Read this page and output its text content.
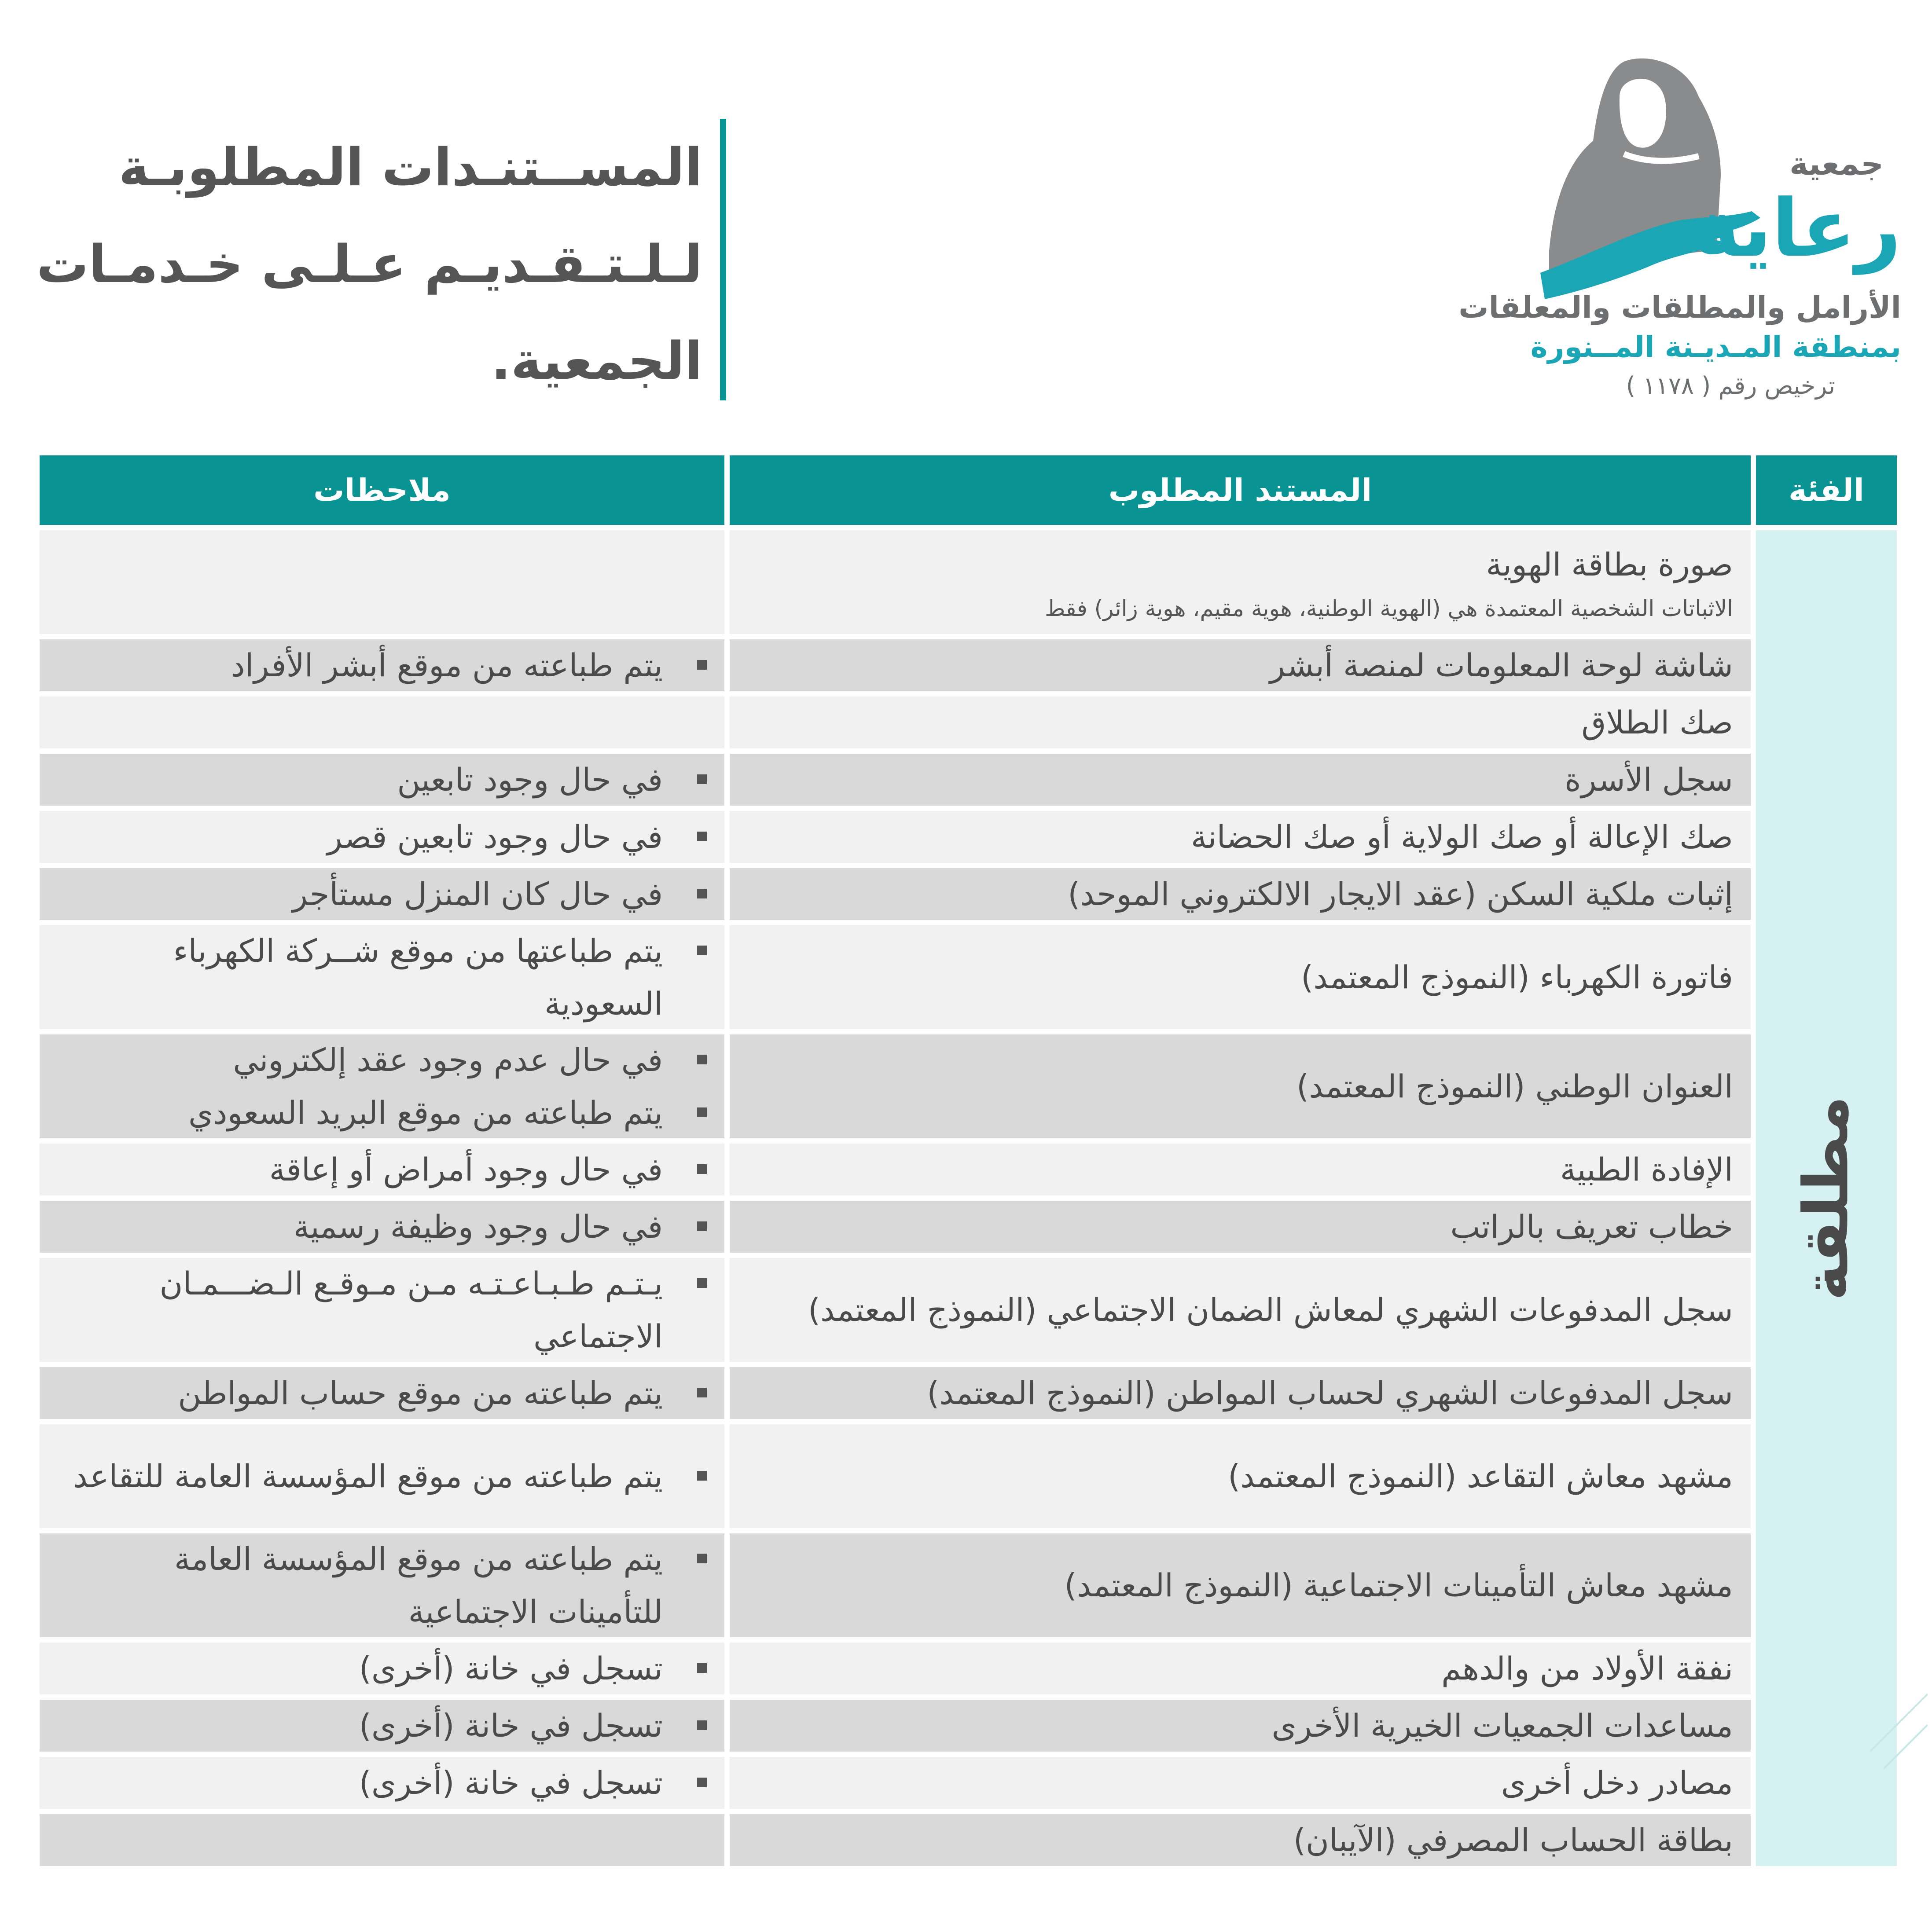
المســتنـدات المطلوبـة
لـلـتـقـديـم عـلـى خـدمـات
الجمعية.
جمعية
رعاية
الأرامل والمطلقات والمعلقات
بمنطقة المـديـنة المــنورة
ترخيص رقم ( ١١٧٨ )
الفئة
المستند المطلوب
ملاحظات
مطلقة
صورة بطاقة الهوية
الاثباتات الشخصية المعتمدة هي (الهوية الوطنية، هوية مقيم، هوية زائر) فقط
شاشة لوحة المعلومات لمنصة أبشر
يتم طباعته من موقع أبشر الأفراد
صك الطلاق
سجل الأسرة
في حال وجود تابعين
صك الإعالة أو صك الولاية أو صك الحضانة
في حال وجود تابعين قصر
إثبات ملكية السكن (عقد الايجار الالكتروني الموحد)
في حال كان المنزل مستأجر
فاتورة الكهرباء (النموذج المعتمد)
يتم طباعتها من موقع شــركة الكهرباء السعودية
العنوان الوطني (النموذج المعتمد)
في حال عدم وجود عقد إلكتروني
يتم طباعته من موقع البريد السعودي
الإفادة الطبية
في حال وجود أمراض أو إعاقة
خطاب تعريف بالراتب
في حال وجود وظيفة رسمية
سجل المدفوعات الشهري لمعاش الضمان الاجتماعي (النموذج المعتمد)
يـتـم طـبـاعـتـه مـن مـوقـع الـضـــمـان الاجتماعي
سجل المدفوعات الشهري لحساب المواطن (النموذج المعتمد)
يتم طباعته من موقع حساب المواطن
مشهد معاش التقاعد (النموذج المعتمد)
يتم طباعته من موقع المؤسسة العامة للتقاعد
مشهد معاش التأمينات الاجتماعية (النموذج المعتمد)
يتم طباعته من موقع المؤسسة العامة للتأمينات الاجتماعية
نفقة الأولاد من والدهم
تسجل في خانة (أخرى)
مساعدات الجمعيات الخيرية الأخرى
تسجل في خانة (أخرى)
مصادر دخل أخرى
تسجل في خانة (أخرى)
بطاقة الحساب المصرفي (الآيبان)
